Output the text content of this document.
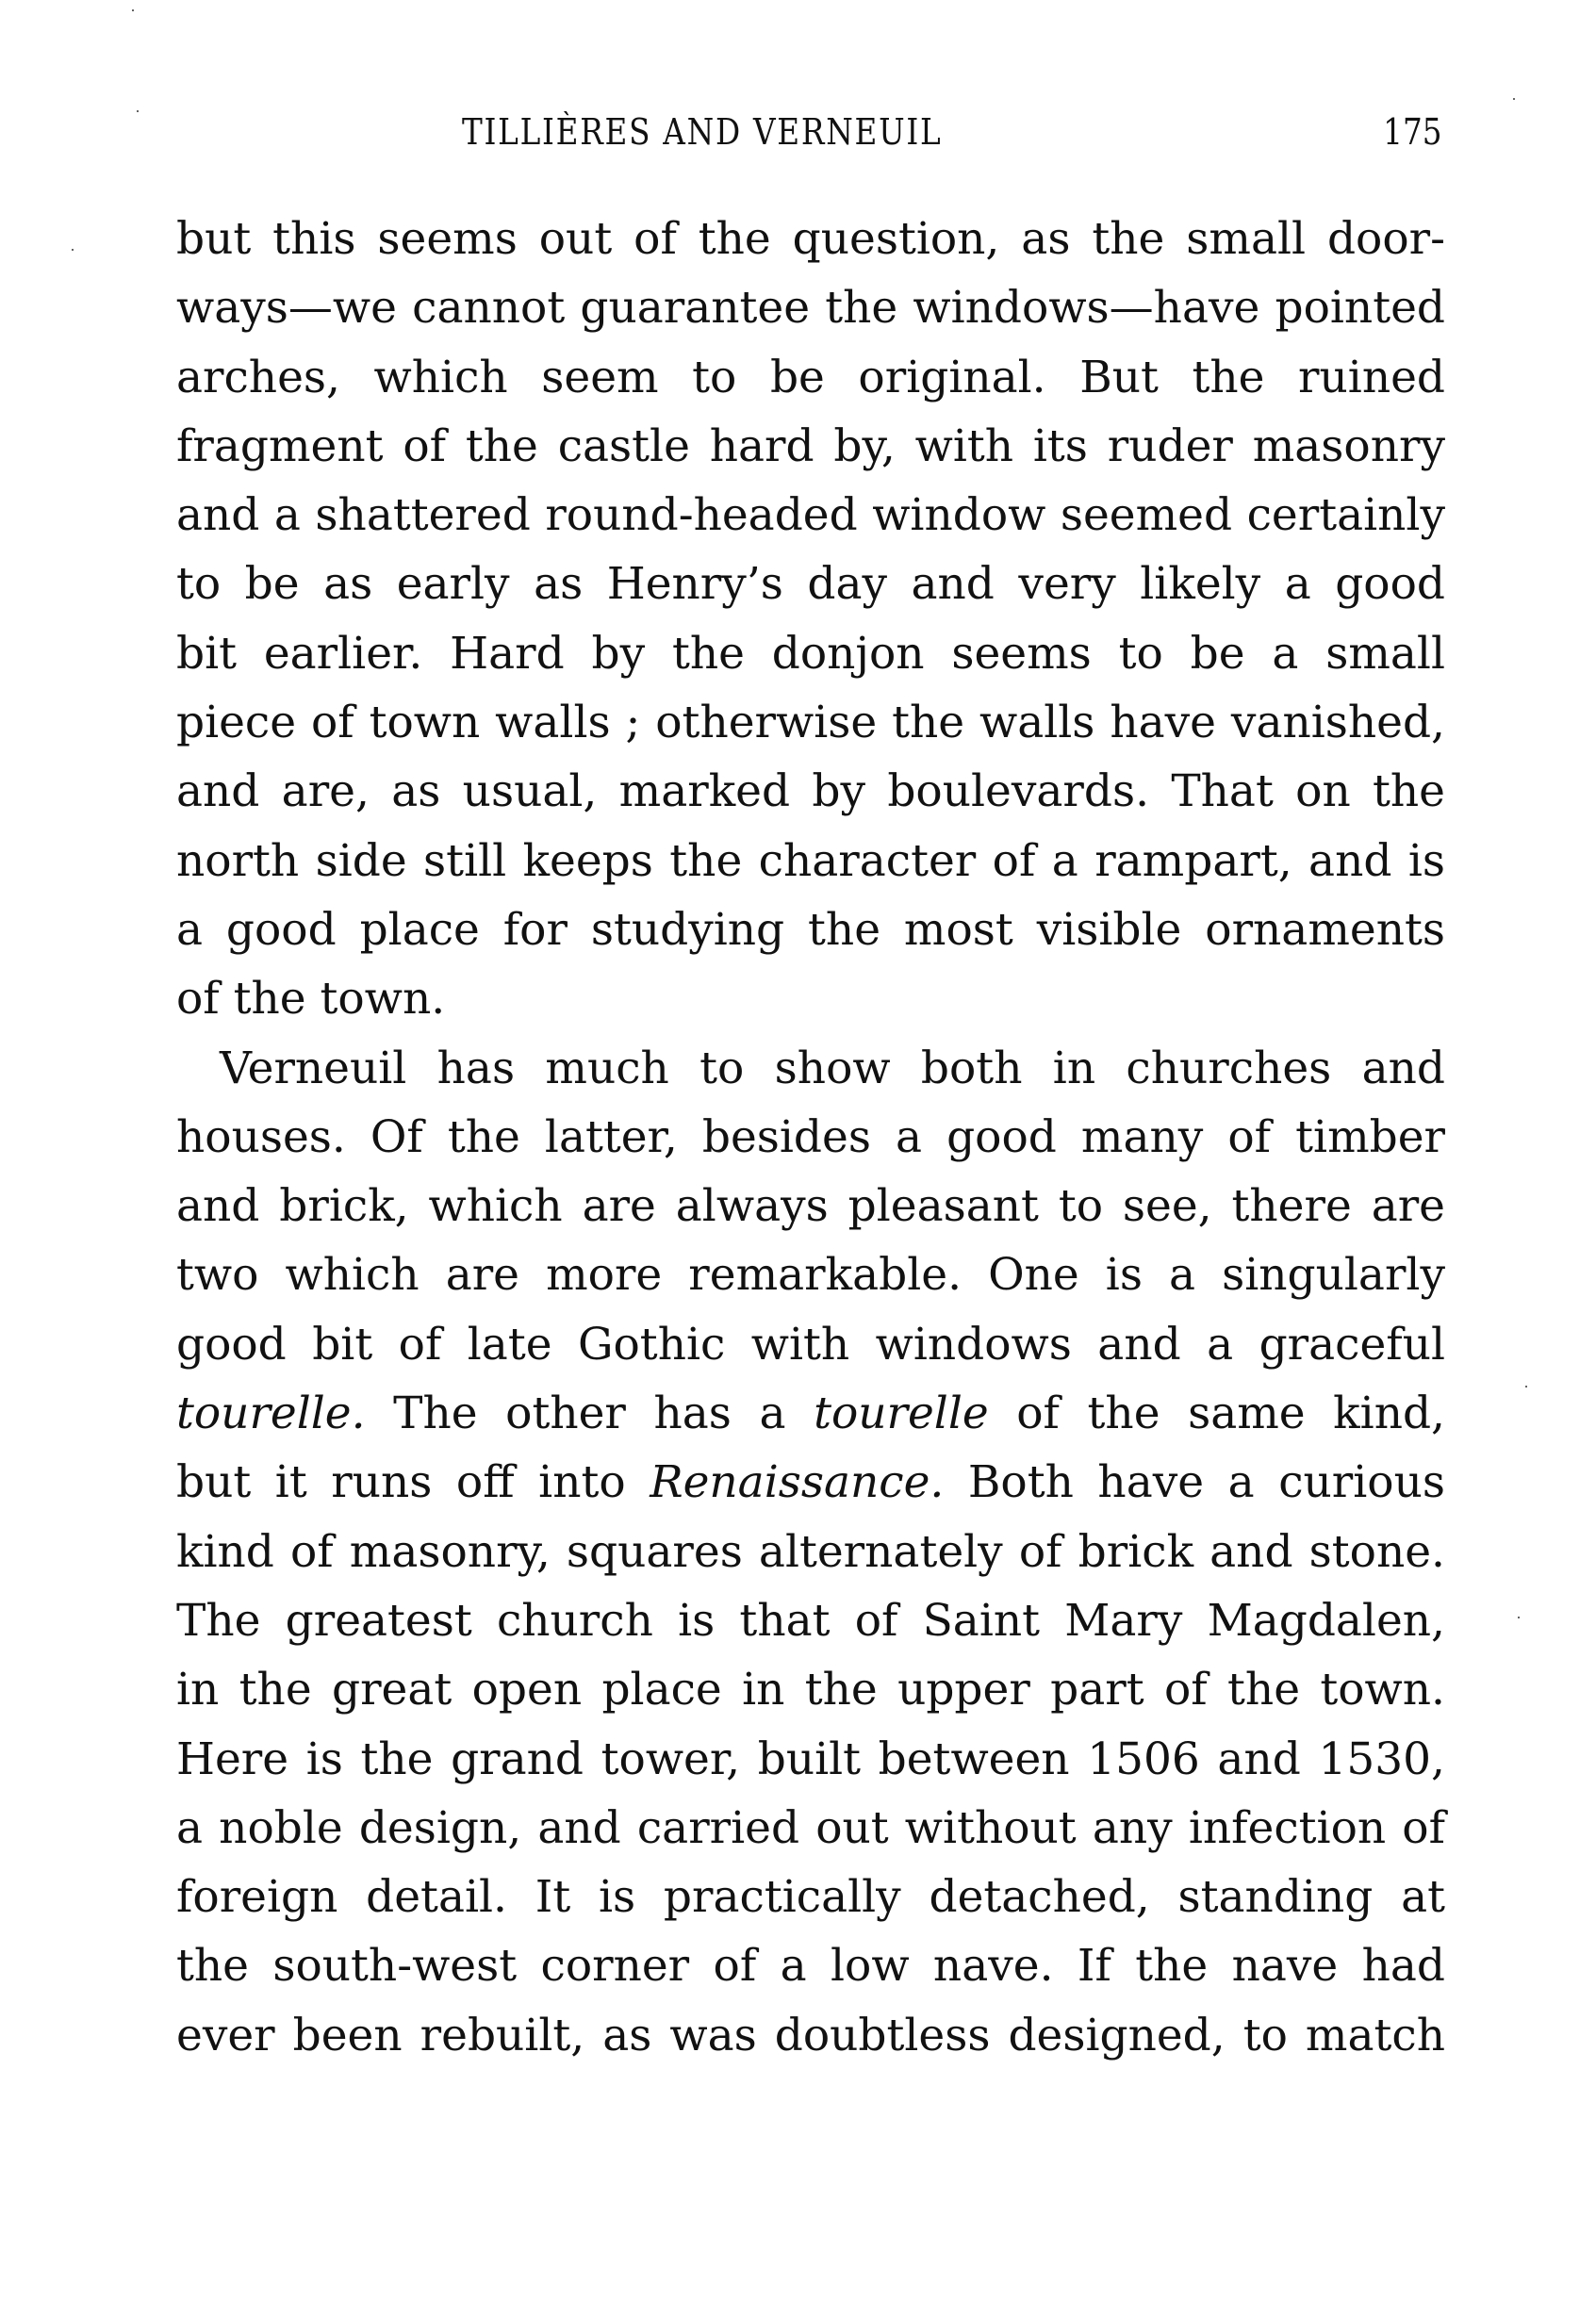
TILLIÈRES AND VERNEUIL	175
but this seems out of the question, as the small door-
ways—we cannot guarantee the windows—have pointed
arches, which seem to be original. But the ruined
fragment of the castle hard by, with its ruder masonry
and a shattered round-headed window seemed certainly
to be as early as Henry’s day and very likely a good
bit earlier. Hard by the donjon seems to be a small
piece of town walls ; otherwise the walls have vanished,
and are, as usual, marked by boulevards. That on the
north side still keeps the character of a rampart, and is
a good place for studying the most visible ornaments
of the town.
Verneuil has much to show both in churches and
houses. Of the latter, besides a good many of timber
and brick, which are always pleasant to see, there are
two which are more remarkable. One is a singularly
good bit of late Gothic with windows and a graceful
tourelle. The other has a tourelle of the same kind,
but it runs off into Renaissance. Both have a curious
kind of masonry, squares alternately of brick and stone.
The greatest church is that of Saint Mary Magdalen,
in the great open place in the upper part of the town.
Here is the grand tower, built between 1506 and 1530,
a noble design, and carried out without any infection of
foreign detail. It is practically detached, standing at
the south-west corner of a low nave. If the nave had
ever been rebuilt, as was doubtless designed, to match
